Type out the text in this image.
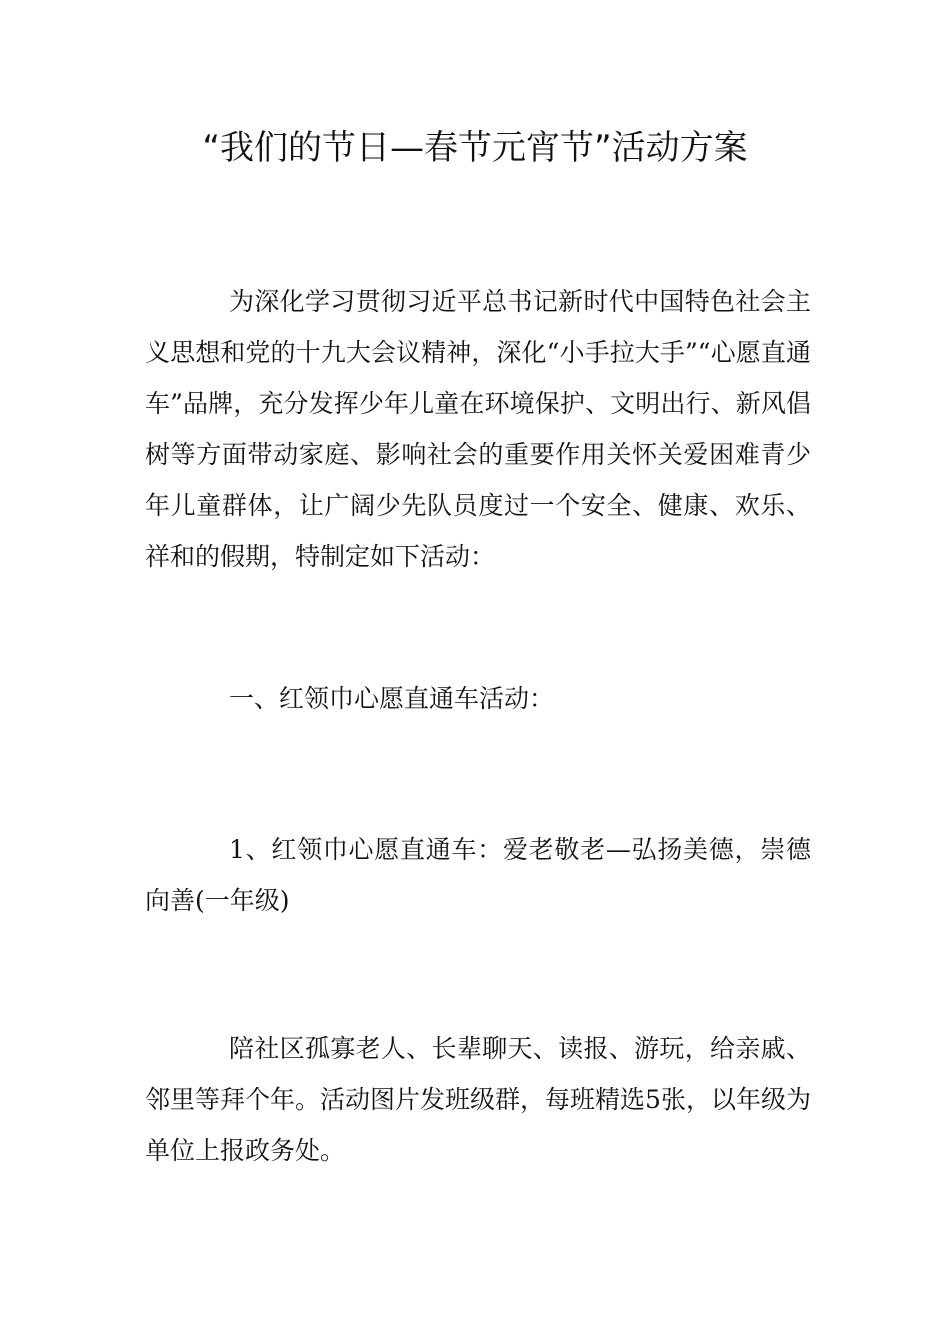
“我们的节日—春节元宵节”活动方案

为深化学习贯彻习近平总书记新时代中国特色社会主义思想和党的十九大会议精神，深化“小手拉大手”“心愿直通车”品牌，充分发挥少年儿童在环境保护、文明出行、新风倡树等方面带动家庭、影响社会的重要作用关怀关爱困难青少年儿童群体，让广阔少先队员度过一个安全、健康、欢乐、祥和的假期，特制定如下活动：

一、红领巾心愿直通车活动：

1、红领巾心愿直通车：爱老敬老—弘扬美德，崇德向善(一年级)

陪社区孤寡老人、长辈聊天、读报、游玩，给亲戚、邻里等拜个年。活动图片发班级群，每班精选5张，以年级为单位上报政务处。
